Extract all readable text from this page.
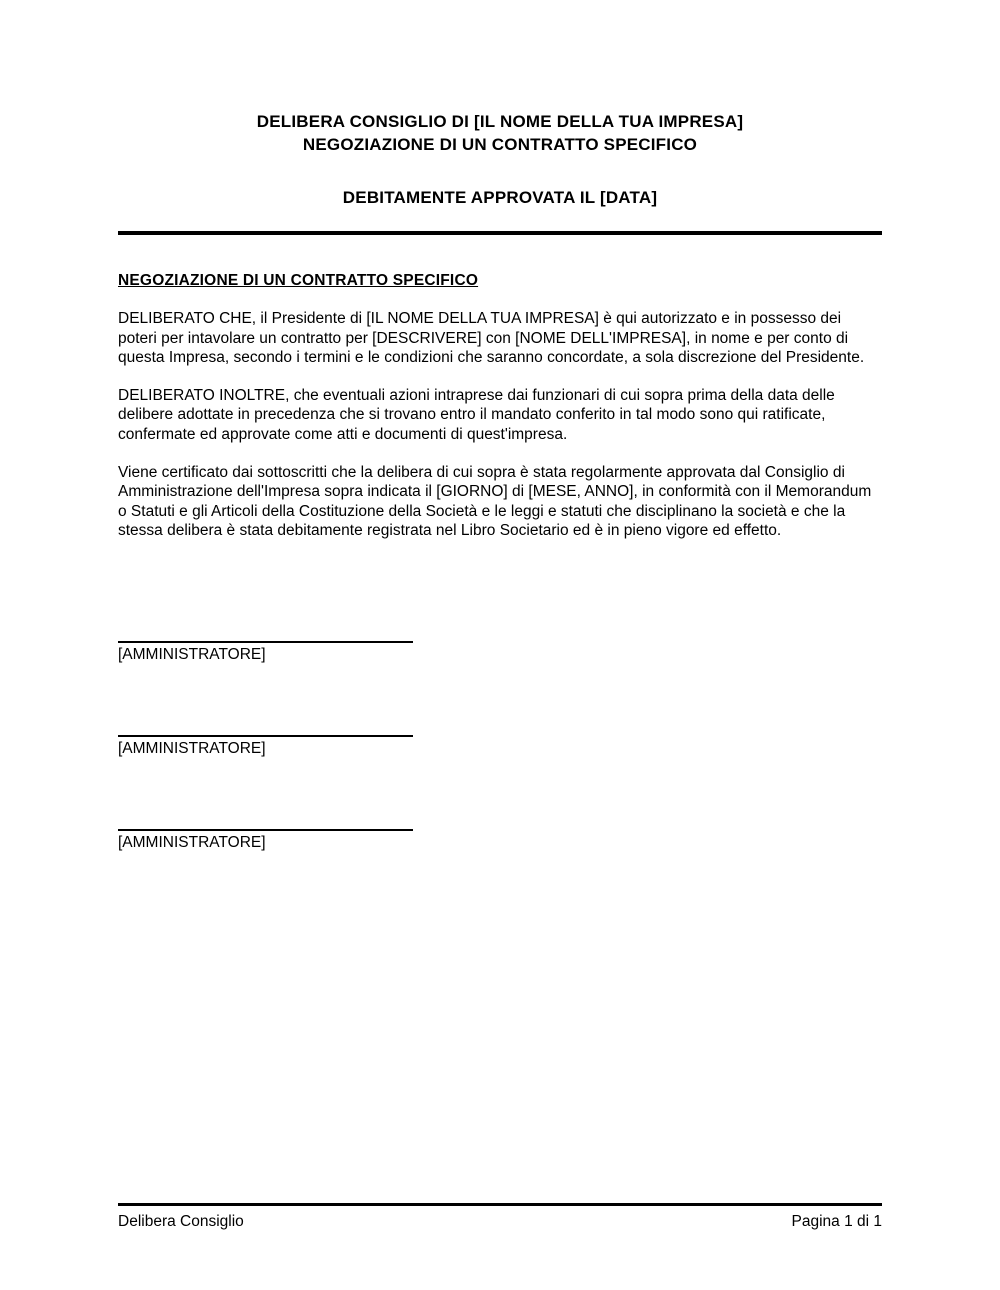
DELIBERA CONSIGLIO DI [IL NOME DELLA TUA IMPRESA]
NEGOZIAZIONE DI UN CONTRATTO SPECIFICO
DEBITAMENTE APPROVATA IL [DATA]
NEGOZIAZIONE DI UN CONTRATTO SPECIFICO

DELIBERATO CHE, il Presidente di [IL NOME DELLA TUA IMPRESA] è qui autorizzato e in possesso dei poteri per intavolare un contratto per [DESCRIVERE] con [NOME DELL'IMPRESA], in nome e per conto di questa Impresa, secondo i termini e le condizioni che saranno concordate, a sola discrezione del Presidente.

DELIBERATO INOLTRE, che eventuali azioni intraprese dai funzionari di cui sopra prima della data delle delibere adottate in precedenza che si trovano entro il mandato conferito in tal modo sono qui ratificate, confermate ed approvate come atti e documenti di quest'impresa.

Viene certificato dai sottoscritti che la delibera di cui sopra è stata regolarmente approvata dal Consiglio di Amministrazione dell'Impresa sopra indicata il [GIORNO] di [MESE, ANNO], in conformità con il Memorandum o Statuti e gli Articoli della Costituzione della Società e le leggi e statuti che disciplinano la società e che la stessa delibera è stata debitamente registrata nel Libro Societario ed è in pieno vigore ed effetto.

[AMMINISTRATORE]
[AMMINISTRATORE]
[AMMINISTRATORE]
Delibera Consiglio	Pagina 1 di 1
